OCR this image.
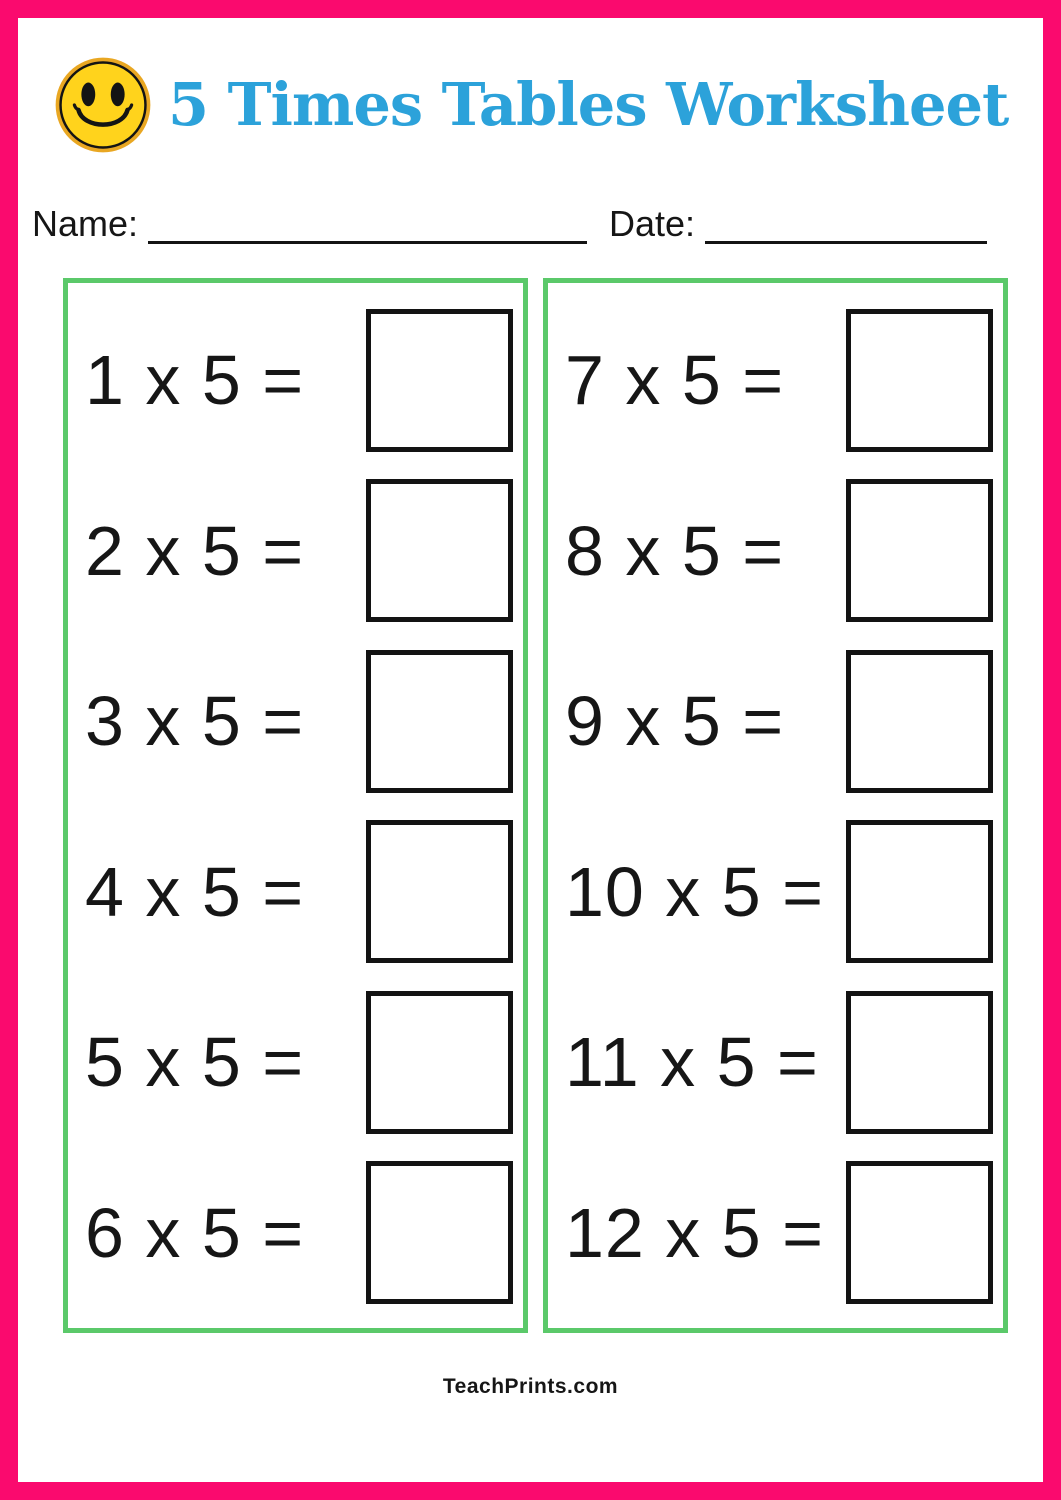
5 Times Tables Worksheet
Name:	Date:
1 x 5 =
2 x 5 =
3 x 5 =
4 x 5 =
5 x 5 =
6 x 5 =
7 x 5 =
8 x 5 =
9 x 5 =
10 x 5 =
11 x 5 =
12 x 5 =
TeachPrints.com
